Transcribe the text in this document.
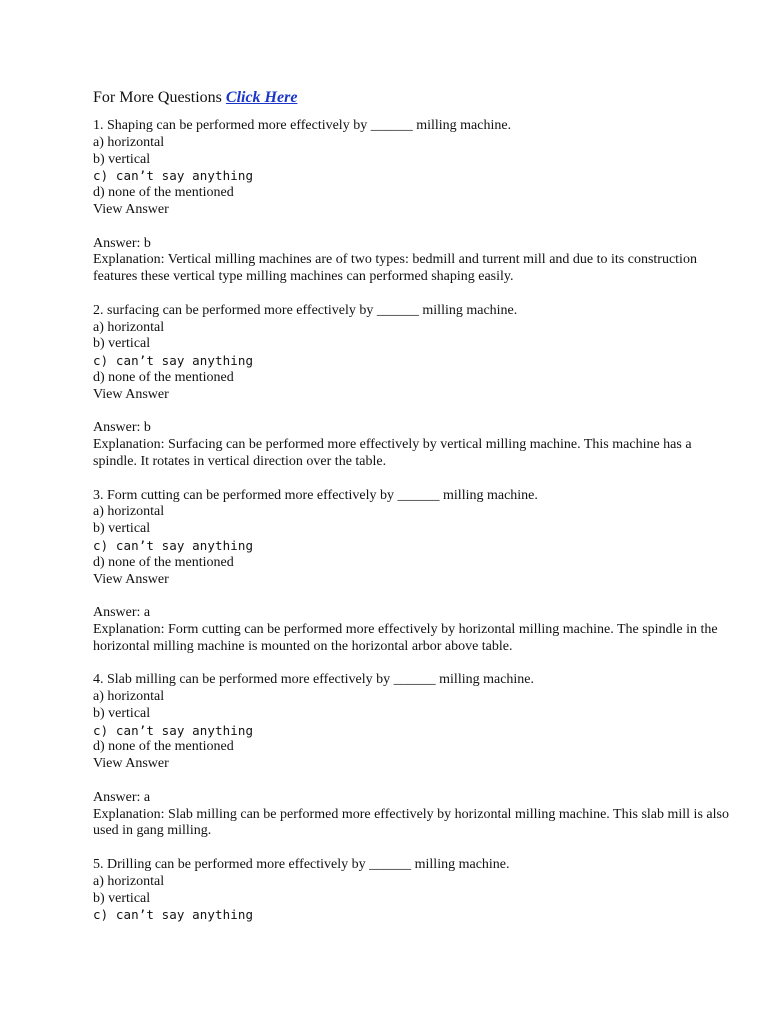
For More Questions Click Here
1. Shaping can be performed more effectively by ______ milling machine.
a) horizontal
b) vertical
c) can’t say anything
d) none of the mentioned
View Answer
Answer: b
Explanation: Vertical milling machines are of two types: bedmill and turrent mill and due to its construction features these vertical type milling machines can performed shaping easily.
2. surfacing can be performed more effectively by ______ milling machine.
a) horizontal
b) vertical
c) can’t say anything
d) none of the mentioned
View Answer
Answer: b
Explanation: Surfacing can be performed more effectively by vertical milling machine. This machine has a spindle. It rotates in vertical direction over the table.
3. Form cutting can be performed more effectively by ______ milling machine.
a) horizontal
b) vertical
c) can’t say anything
d) none of the mentioned
View Answer
Answer: a
Explanation: Form cutting can be performed more effectively by horizontal milling machine. The spindle in the horizontal milling machine is mounted on the horizontal arbor above table.
4. Slab milling can be performed more effectively by ______ milling machine.
a) horizontal
b) vertical
c) can’t say anything
d) none of the mentioned
View Answer
Answer: a
Explanation: Slab milling can be performed more effectively by horizontal milling machine. This slab mill is also used in gang milling.
5. Drilling can be performed more effectively by ______ milling machine.
a) horizontal
b) vertical
c) can’t say anything
